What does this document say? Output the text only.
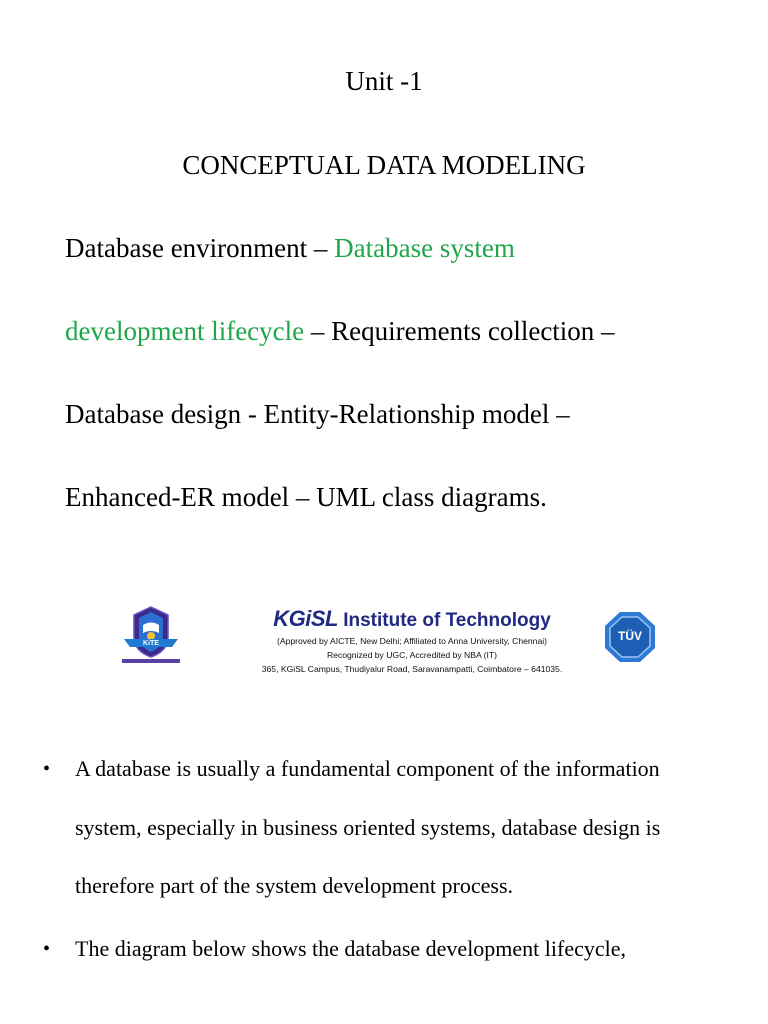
Unit -1
CONCEPTUAL DATA MODELING
Database environment – Database system
development lifecycle – Requirements collection –
Database design - Entity-Relationship model –
Enhanced-ER model – UML class diagrams.
KiTE
KGiSL Institute of Technology
(Approved by AICTE, New Delhi; Affiliated to Anna University, Chennai)
Recognized by UGC, Accredited by NBA (IT)
365, KGiSL Campus, Thudiyalur Road, Saravanampatti, Coimbatore – 641035.
TÜV
• A database is usually a fundamental component of the information system, especially in business oriented systems, database design is therefore part of the system development process.
• The diagram below shows the database development lifecycle,
